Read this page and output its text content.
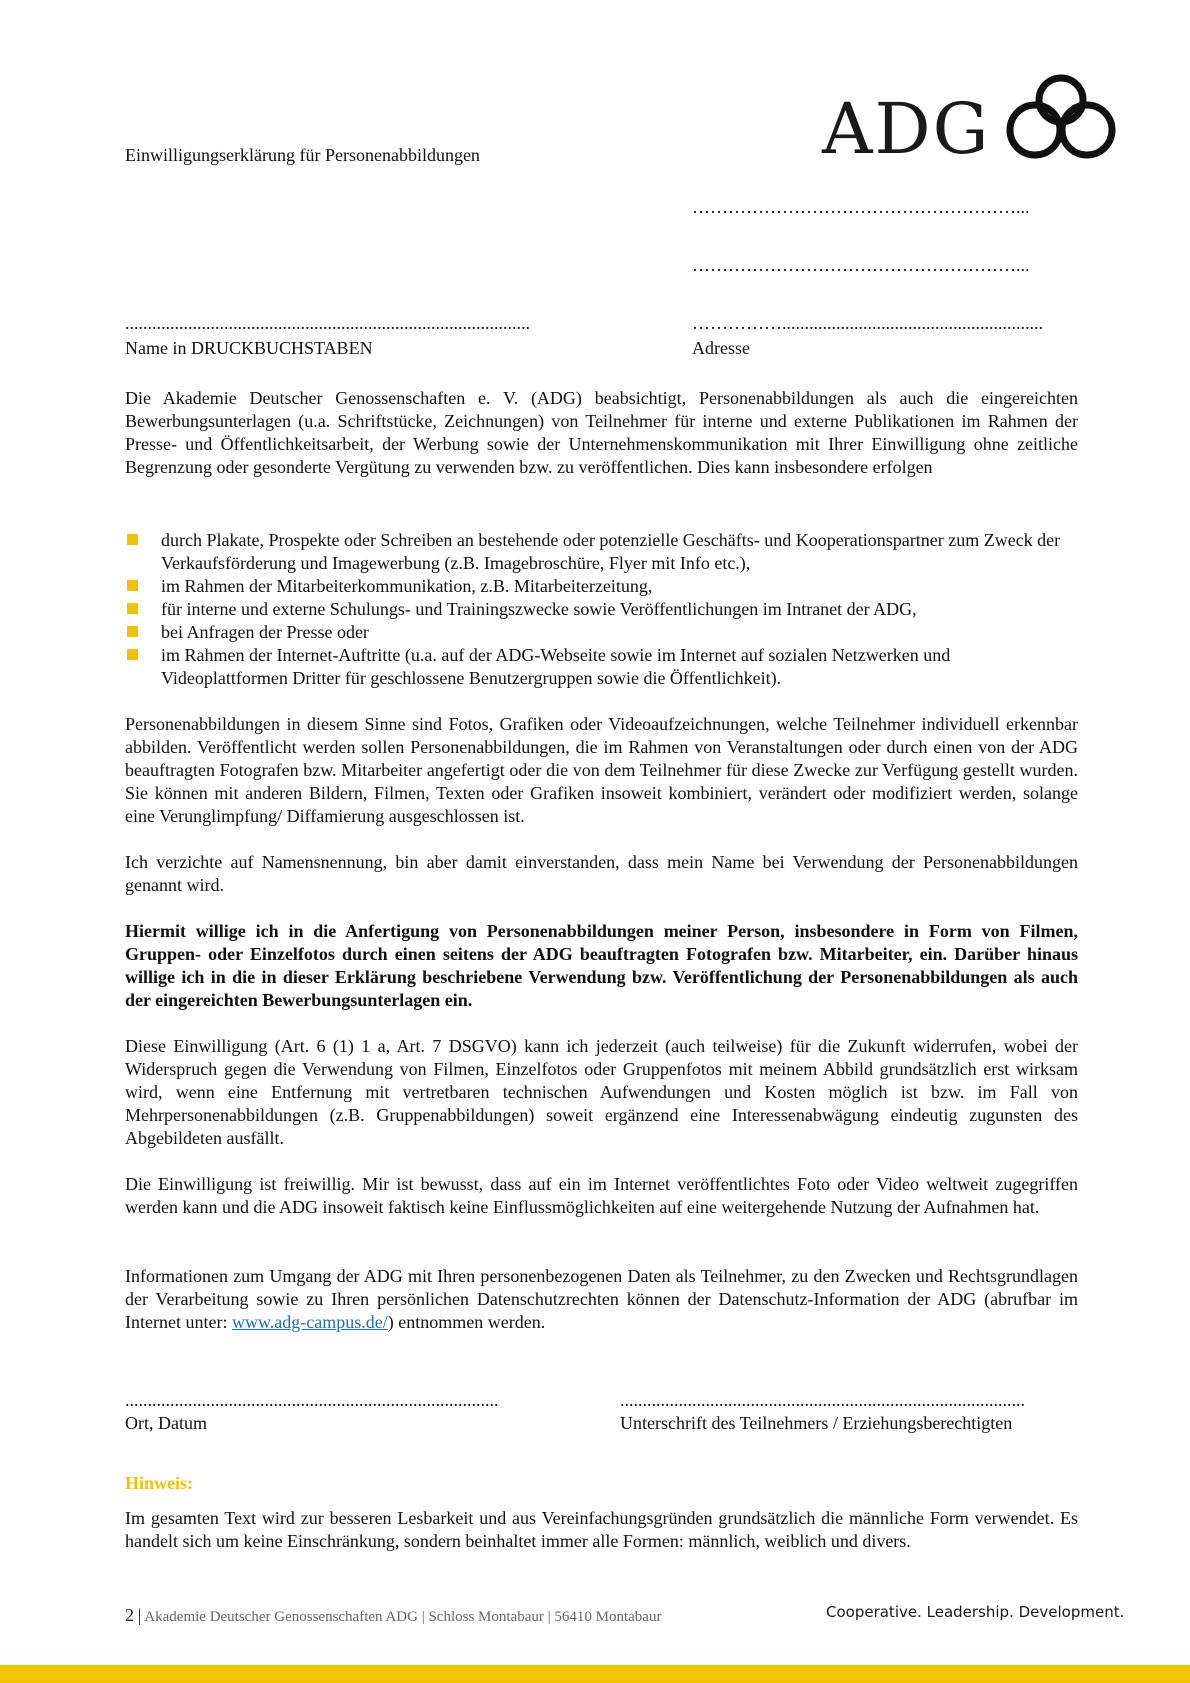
Einwilligungserklärung für Personenabbildungen	ADG
………………………………………………...
………………………………………………...
..........................................................................................	……………..........................................................
Name in DRUCKBUCHSTABEN	Adresse

Die Akademie Deutscher Genossenschaften e. V. (ADG) beabsichtigt, Personenabbildungen als auch die eingereichten Bewerbungsunterlagen (u.a. Schriftstücke, Zeichnungen) von Teilnehmer für interne und externe Publikationen im Rahmen der Presse- und Öffentlichkeitsarbeit, der Werbung sowie der Unternehmenskommunikation mit Ihrer Einwilligung ohne zeitliche Begrenzung oder gesonderte Vergütung zu verwenden bzw. zu veröffentlichen. Dies kann insbesondere erfolgen

durch Plakate, Prospekte oder Schreiben an bestehende oder potenzielle Geschäfts- und Kooperationspartner zum Zweck der Verkaufsförderung und Imagewerbung (z.B. Imagebroschüre, Flyer mit Info etc.),
im Rahmen der Mitarbeiterkommunikation, z.B. Mitarbeiterzeitung,
für interne und externe Schulungs- und Trainingszwecke sowie Veröffentlichungen im Intranet der ADG,
bei Anfragen der Presse oder
im Rahmen der Internet-Auftritte (u.a. auf der ADG-Webseite sowie im Internet auf sozialen Netzwerken und Videoplattformen Dritter für geschlossene Benutzergruppen sowie die Öffentlichkeit).

Personenabbildungen in diesem Sinne sind Fotos, Grafiken oder Videoaufzeichnungen, welche Teilnehmer individuell erkennbar abbilden. Veröffentlicht werden sollen Personenabbildungen, die im Rahmen von Veranstaltungen oder durch einen von der ADG beauftragten Fotografen bzw. Mitarbeiter angefertigt oder die von dem Teilnehmer für diese Zwecke zur Verfügung gestellt wurden. Sie können mit anderen Bildern, Filmen, Texten oder Grafiken insoweit kombiniert, verändert oder modifiziert werden, solange eine Verunglimpfung/ Diffamierung ausgeschlossen ist.

Ich verzichte auf Namensnennung, bin aber damit einverstanden, dass mein Name bei Verwendung der Personenabbildungen genannt wird.

Hiermit willige ich in die Anfertigung von Personenabbildungen meiner Person, insbesondere in Form von Filmen, Gruppen- oder Einzelfotos durch einen seitens der ADG beauftragten Fotografen bzw. Mitarbeiter, ein. Darüber hinaus willige ich in die in dieser Erklärung beschriebene Verwendung bzw. Veröffentlichung der Personenabbildungen als auch der eingereichten Bewerbungsunterlagen ein.

Diese Einwilligung (Art. 6 (1) 1 a, Art. 7 DSGVO) kann ich jederzeit (auch teilweise) für die Zukunft widerrufen, wobei der Widerspruch gegen die Verwendung von Filmen, Einzelfotos oder Gruppenfotos mit meinem Abbild grundsätzlich erst wirksam wird, wenn eine Entfernung mit vertretbaren technischen Aufwendungen und Kosten möglich ist bzw. im Fall von Mehrpersonenabbildungen (z.B. Gruppenabbildungen) soweit ergänzend eine Interessenabwägung eindeutig zugunsten des Abgebildeten ausfällt.

Die Einwilligung ist freiwillig. Mir ist bewusst, dass auf ein im Internet veröffentlichtes Foto oder Video weltweit zugegriffen werden kann und die ADG insoweit faktisch keine Einflussmöglichkeiten auf eine weitergehende Nutzung der Aufnahmen hat.

Informationen zum Umgang der ADG mit Ihren personenbezogenen Daten als Teilnehmer, zu den Zwecken und Rechtsgrundlagen der Verarbeitung sowie zu Ihren persönlichen Datenschutzrechten können der Datenschutz-Information der ADG (abrufbar im Internet unter: www.adg-campus.de/) entnommen werden.

...................................................................................	..........................................................................................
Ort, Datum	Unterschrift des Teilnehmers / Erziehungsberechtigten
Hinweis:

Im gesamten Text wird zur besseren Lesbarkeit und aus Vereinfachungsgründen grundsätzlich die männliche Form verwendet. Es handelt sich um keine Einschränkung, sondern beinhaltet immer alle Formen: männlich, weiblich und divers.

2 | Akademie Deutscher Genossenschaften ADG | Schloss Montabaur | 56410 Montabaur	Cooperative. Leadership. Development.
